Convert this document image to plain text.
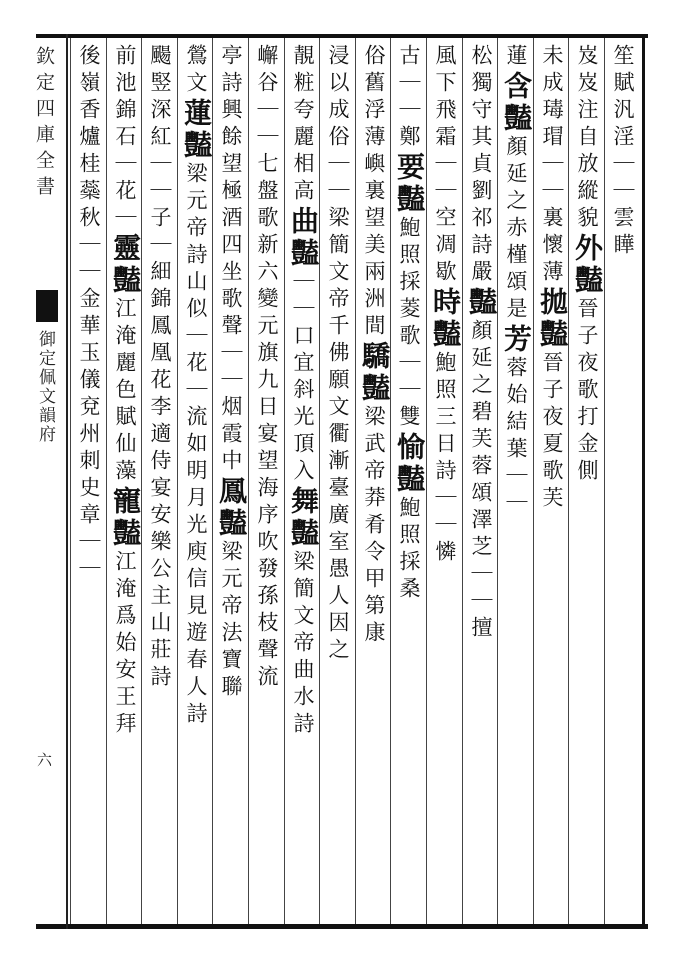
欽定四庫全書

御定佩文韻府

六

笙賦汎淫｜｜雲瞱
岌岌注自放縱貌外豔晉子夜歌打金側
未成瑇瑁｜｜裏懷薄拋豔晉子夜夏歌芙
蓮含豔顏延之赤槿頌是芳蓉始結葉｜｜
松獨守其貞劉祁詩嚴豔顏延之碧芙蓉頌澤芝｜｜擅
風下飛霜｜｜空凋歇時豔鮑照三日詩｜｜憐
古｜｜鄭要豔鮑照採菱歌｜｜雙愉豔鮑照採桑
俗舊浮薄嶼裏望美兩洲間驕豔梁武帝莽肴令甲第康
浸以成俗｜｜梁簡文帝千佛願文衢漸臺廣室愚人因之
靚粧夸麗相高曲豔｜｜口宜斜光頂入舞豔梁簡文帝曲水詩
嶰谷｜｜七盤歌新六變元旗九日宴望海序吹發孫枝聲流
亭詩興餘望極酒四坐歌聲｜｜烟霞中鳳豔梁元帝法寶聯
鶯文蓮豔梁元帝詩山似｜花｜流如明月光庾信見遊春人詩
颺竪深紅｜｜子｜細錦鳳凰花李適侍宴安樂公主山莊詩
前池錦石｜花｜靈豔江淹麗色賦仙藻寵豔江淹爲始安王拜
後嶺香爐桂蘂秋｜｜金華玉儀兗州刺史章｜｜
